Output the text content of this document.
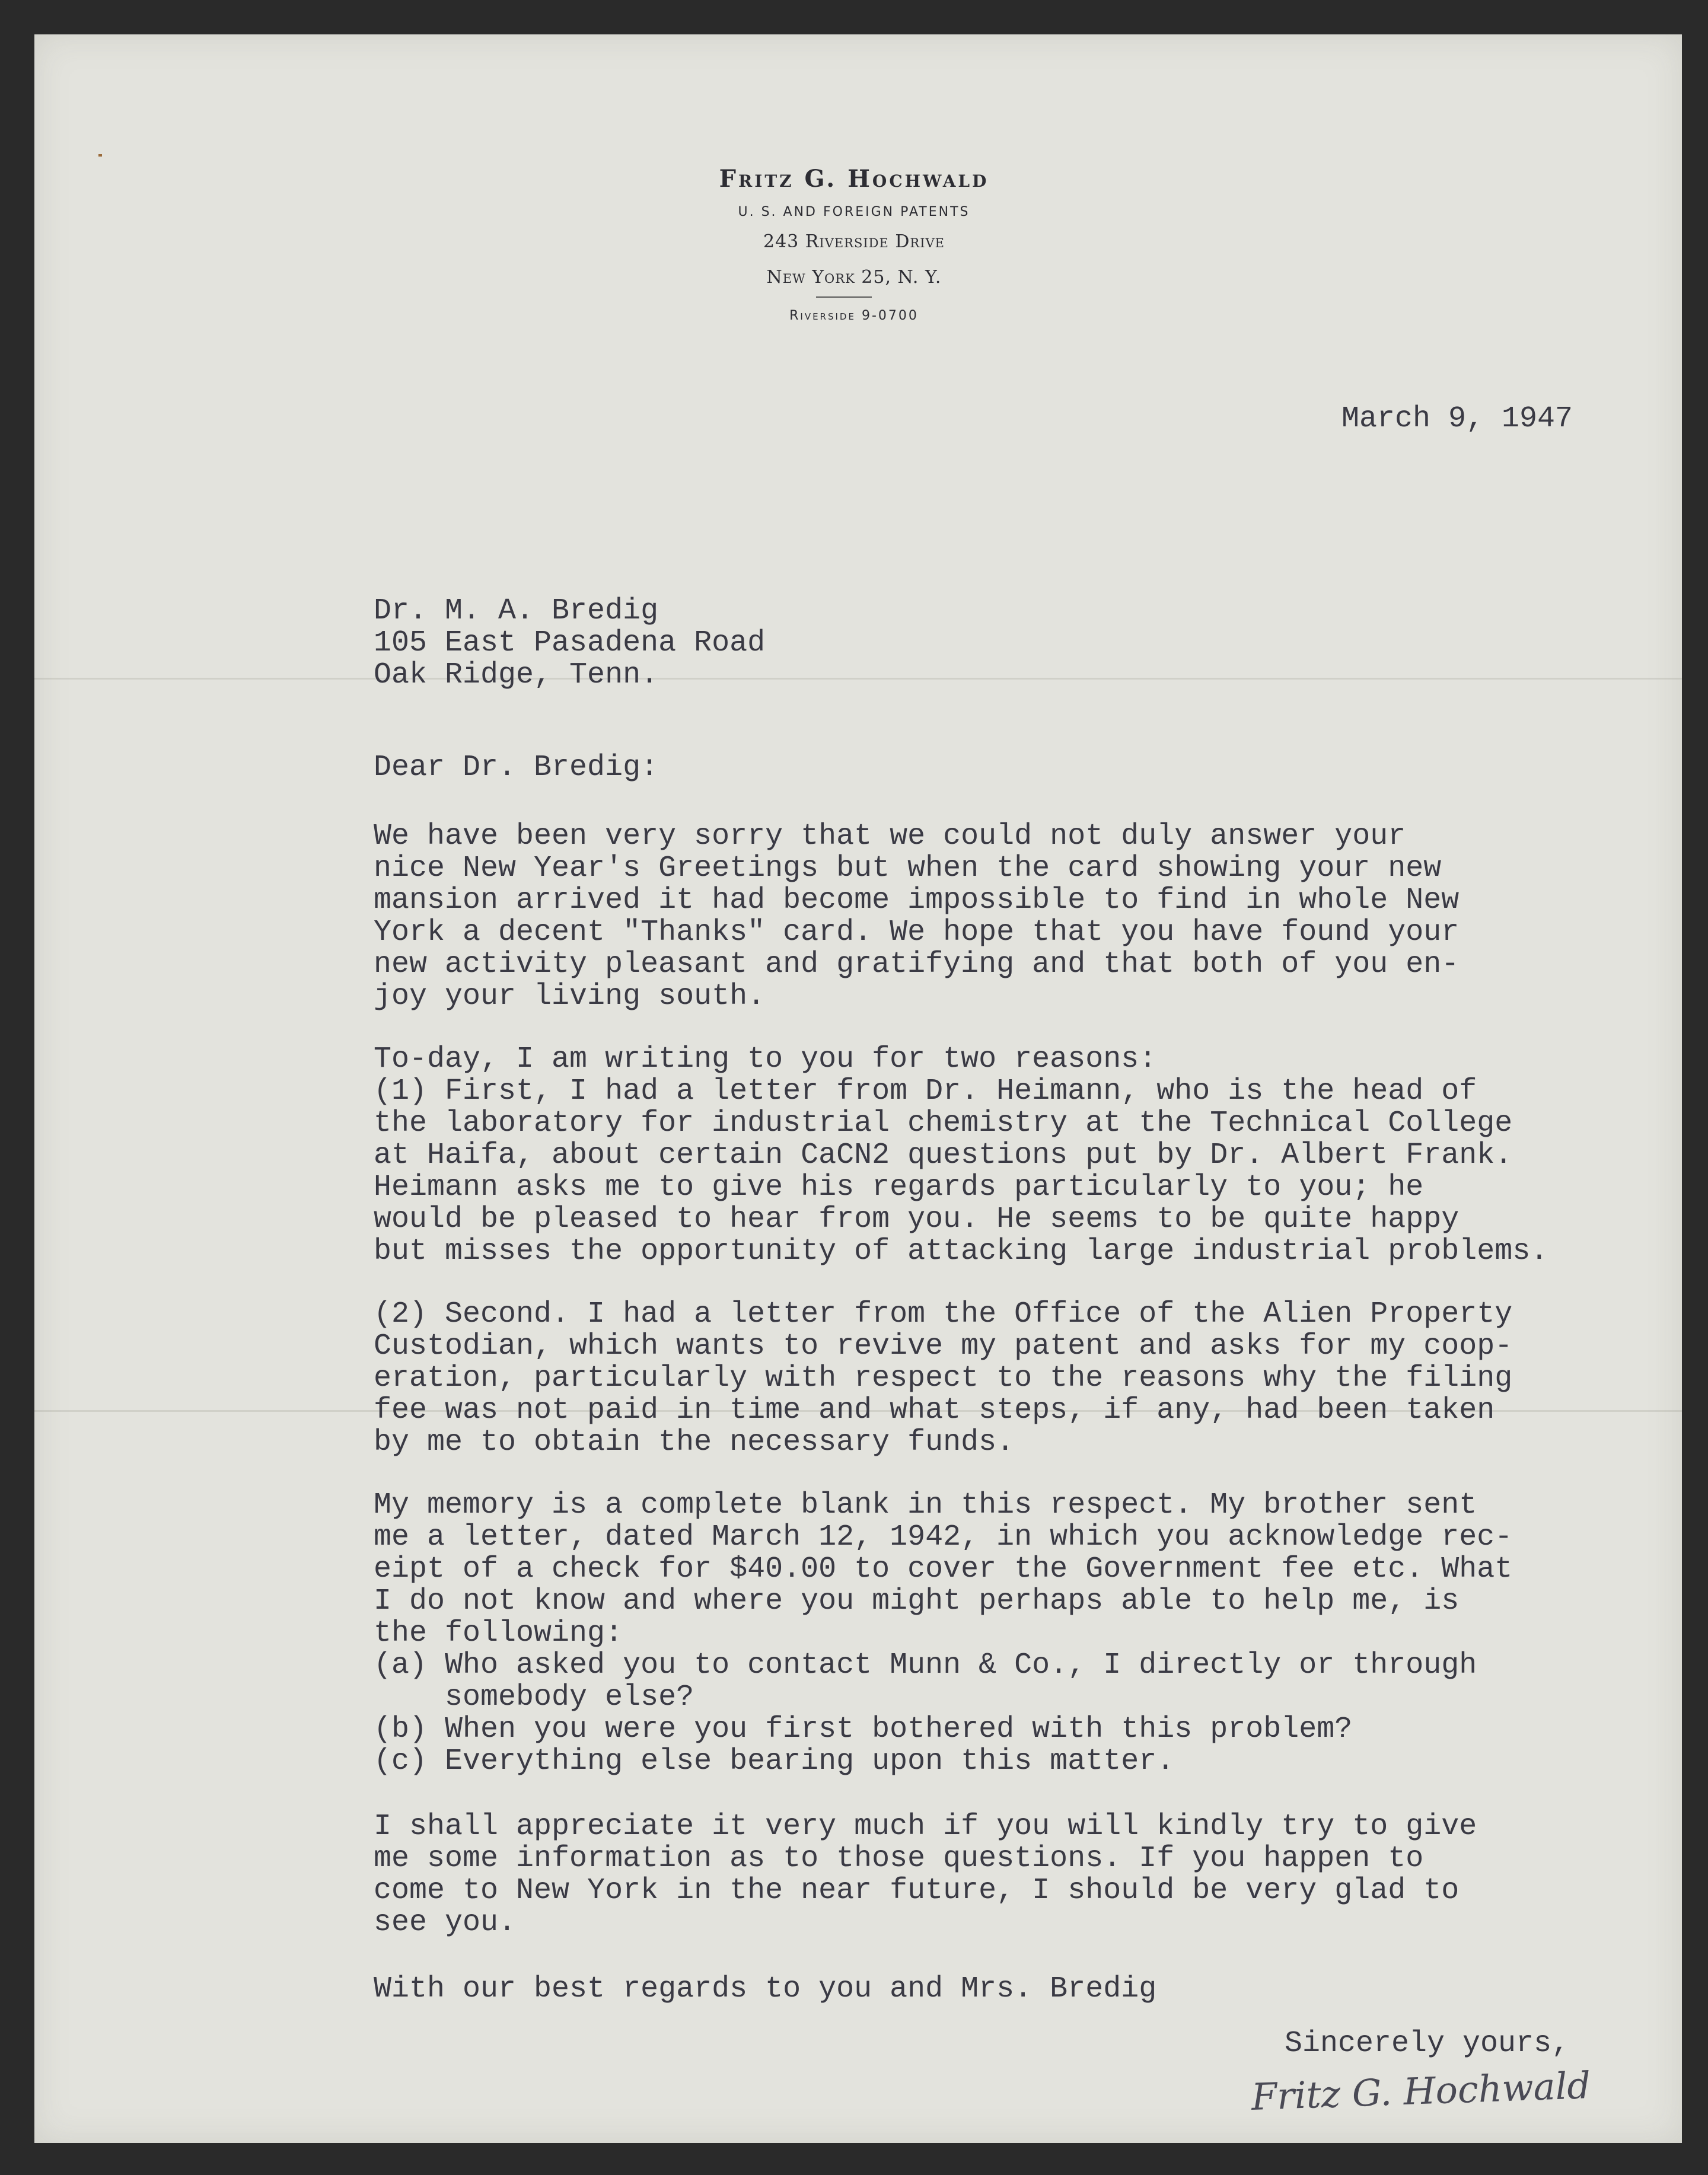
Fritz G. Hochwald
U. S. AND FOREIGN PATENTS
243 Riverside Drive
New York 25, N. Y.
Riverside 9-0700
March 9, 1947
Dr. M. A. Bredig
105 East Pasadena Road
Oak Ridge, Tenn.
Dear Dr. Bredig:
We have been very sorry that we could not duly answer your
nice New Year's Greetings but when the card showing your new
mansion arrived it had become impossible to find in whole New
York a decent "Thanks" card. We hope that you have found your
new activity pleasant and gratifying and that both of you en-
joy your living south.
To-day, I am writing to you for two reasons:
(1) First, I had a letter from Dr. Heimann, who is the head of
the laboratory for industrial chemistry at the Technical College
at Haifa, about certain CaCN2 questions put by Dr. Albert Frank.
Heimann asks me to give his regards particularly to you; he
would be pleased to hear from you. He seems to be quite happy
but misses the opportunity of attacking large industrial problems.
(2) Second. I had a letter from the Office of the Alien Property
Custodian, which wants to revive my patent and asks for my coop-
eration, particularly with respect to the reasons why the filing
fee was not paid in time and what steps, if any, had been taken
by me to obtain the necessary funds.
My memory is a complete blank in this respect. My brother sent
me a letter, dated March 12, 1942, in which you acknowledge rec-
eipt of a check for $40.00 to cover the Government fee etc. What
I do not know and where you might perhaps able to help me, is
the following:
(a) Who asked you to contact Munn & Co., I directly or through
somebody else?
(b) When you were you first bothered with this problem?
(c) Everything else bearing upon this matter.
I shall appreciate it very much if you will kindly try to give
me some information as to those questions. If you happen to
come to New York in the near future, I should be very glad to
see you.
With our best regards to you and Mrs. Bredig
Sincerely yours,
Fritz G. Hochwald
